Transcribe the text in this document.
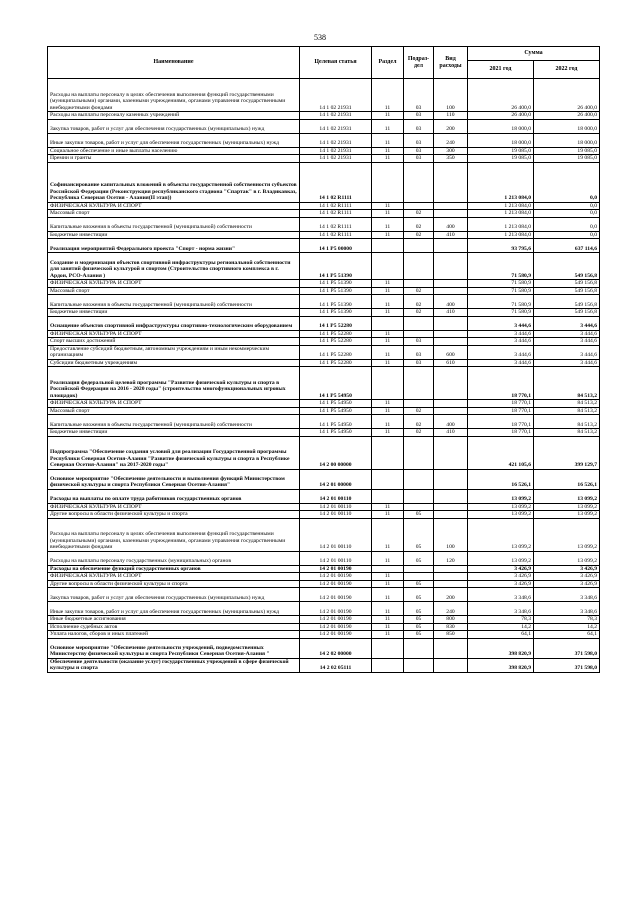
538
Наименование	Целевая статья	Раздел	Подраз-дел	Вид расходы	Сумма	
					2021 год	2022 год
Расходы на выплаты персоналу в целях обеспечения выполнения функций государственными (муниципальными) органами, казенными учреждениями, органами управления государственными внебюджетными фондами	14 1 02 21931	11	03	100	26 400,0	26 400,0
Расходы на выплаты персоналу казенных учреждений	14 1 02 21931	11	03	110	26 400,0	26 400,0
Закупка товаров, работ и услуг для обеспечения государственных (муниципальных) нужд	14 1 02 21931	11	03	200	18 000,0	18 000,0
Иные закупки товаров, работ и услуг для обеспечения государственных (муниципальных) нужд	14 1 02 21931	11	03	240	18 000,0	18 000,0
Социальное обеспечение и иные выплаты населению	14 1 02 21931	11	03	300	19 085,0	19 085,0
Премии и гранты	14 1 02 21931	11	03	350	19 085,0	19 085,0
Софинансирование капитальных вложений в объекты государственной собственности субъектов Российской Федерации (Реконструкция республиканского стадиона "Спартак" в г. Владикавказ, Республика Северная Осетия - Алания(II этап))	14 1 02 R1111				1 213 084,0	0,0
ФИЗИЧЕСКАЯ КУЛЬТУРА И СПОРТ	14 1 02 R1111	11			1 213 084,0	0,0
Массовый спорт	14 1 02 R1111	11	02		1 213 084,0	0,0
Капитальные вложения в объекты государственной (муниципальной) собственности	14 1 02 R1111	11	02	400	1 213 084,0	0,0
Бюджетные инвестиции	14 1 02 R1111	11	02	410	1 213 084,0	0,0
Реализация мероприятий Федерального проекта "Спорт - норма жизни"	14 1 P5 00000				93 795,6	637 114,6
Создание и модернизация объектов спортивной инфраструктуры региональной собственности для занятий физической культурой и спортом (Строительство спортивного комплекса в г. Ардон, РСО-Алания )	14 1 P5 51390				71 580,9	549 156,8
ФИЗИЧЕСКАЯ КУЛЬТУРА И СПОРТ	14 1 P5 51390	11			71 580,9	549 156,8
Массовый спорт	14 1 P5 51390	11	02		71 580,9	549 156,8
Капитальные вложения в объекты государственной (муниципальной) собственности	14 1 P5 51390	11	02	400	71 580,9	549 156,8
Бюджетные инвестиции	14 1 P5 51390	11	02	410	71 580,9	549 156,8
Оснащение объектов спортивной инфраструктуры спортивно-технологическим оборудованием	14 1 P5 52280				3 444,6	3 444,6
ФИЗИЧЕСКАЯ КУЛЬТУРА И СПОРТ	14 1 P5 52280	11			3 444,6	3 444,6
Спорт высших достижений	14 1 P5 52280	11	03		3 444,6	3 444,6
Предоставление субсидий бюджетным, автономным учреждениям и иным некоммерческим организациям	14 1 P5 52280	11	03	600	3 444,6	3 444,6
Субсидии бюджетным учреждениям	14 1 P5 52280	11	03	610	3 444,6	3 444,6
Реализация федеральной целевой программы "Развитие физической культуры и спорта в Российской Федерации на 2016 - 2020 годы" (строительство многофункциональных игровых площадок)	14 1 P5 54950				18 770,1	84 513,2
ФИЗИЧЕСКАЯ КУЛЬТУРА И СПОРТ	14 1 P5 54950	11			18 770,1	84 513,2
Массовый спорт	14 1 P5 54950	11	02		18 770,1	84 513,2
Капитальные вложения в объекты государственной (муниципальной) собственности	14 1 P5 54950	11	02	400	18 770,1	84 513,2
Бюджетные инвестиции	14 1 P5 54950	11	02	410	18 770,1	84 513,2
Подпрограмма "Обеспечение создания условий для реализации Государственной программы Республики Северная Осетия-Алания "Развитие физической культуры и спорта в Республике Северная Осетия-Алания" на 2017-2020 годы"	14 2 00 00000				421 105,6	399 129,7
Основное мероприятие "Обеспечение деятельности и выполнения функций Министерством физической культуры и спорта Республики Северная Осетия-Алания"	14 2 01 00000				16 526,1	16 526,1
Расходы на выплаты по оплате труда работников государственных органов	14 2 01 00110				13 099,2	13 099,2
ФИЗИЧЕСКАЯ КУЛЬТУРА И СПОРТ	14 2 01 00110	11			13 099,2	13 099,2
Другие вопросы в области физической культуры и спорта	14 2 01 00110	11	05		13 099,2	13 099,2
Расходы на выплаты персоналу в целях обеспечения выполнения функций государственными (муниципальными) органами, казенными учреждениями, органами управления государственными внебюджетными фондами	14 2 01 00110	11	05	100	13 099,2	13 099,2
Расходы на выплаты персоналу государственных (муниципальных) органов	14 2 01 00110	11	05	120	13 099,2	13 099,2
Расходы на обеспечение функций государственных органов	14 2 01 00190				3 426,9	3 426,9
ФИЗИЧЕСКАЯ КУЛЬТУРА И СПОРТ	14 2 01 00190	11			3 426,9	3 426,9
Другие вопросы в области физической культуры и спорта	14 2 01 00190	11	05		3 426,9	3 426,9
Закупка товаров, работ и услуг для обеспечения государственных (муниципальных) нужд	14 2 01 00190	11	05	200	3 348,6	3 348,6
Иные закупки товаров, работ и услуг для обеспечения государственных (муниципальных) нужд	14 2 01 00190	11	05	240	3 348,6	3 348,6
Иные бюджетные ассигнования	14 2 01 00190	11	05	800	78,3	78,3
Исполнение судебных актов	14 2 01 00190	11	05	830	14,2	14,2
Уплата налогов, сборов и иных платежей	14 2 01 00190	11	05	850	64,1	64,1
Основное мероприятие "Обеспечение деятельности учреждений, подведомственных Министерству физической культуры и спорта Республики Северная Осетия-Алания "	14 2 02 00000				398 820,9	371 598,0
Обеспечение деятельности (оказание услуг) государственных учреждений в сфере физической культуры и спорта	14 2 02 05111				398 820,9	371 598,0
